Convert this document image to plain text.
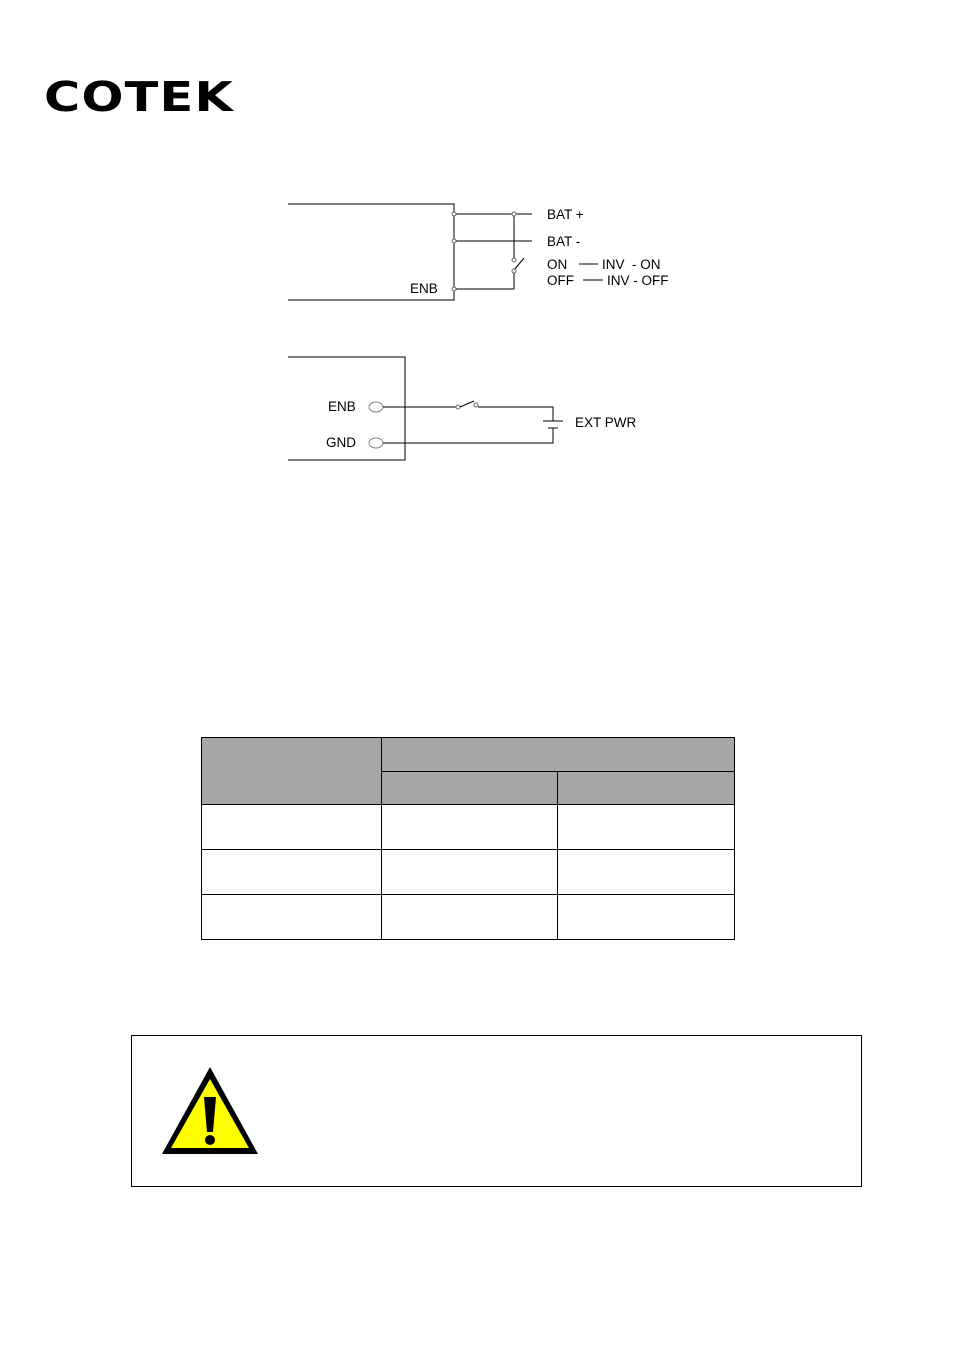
COTEK
BAT +
BAT -
ENB
ON	INV  - ON
OFF INV - OFF
ENB
GND
EXT PWR
